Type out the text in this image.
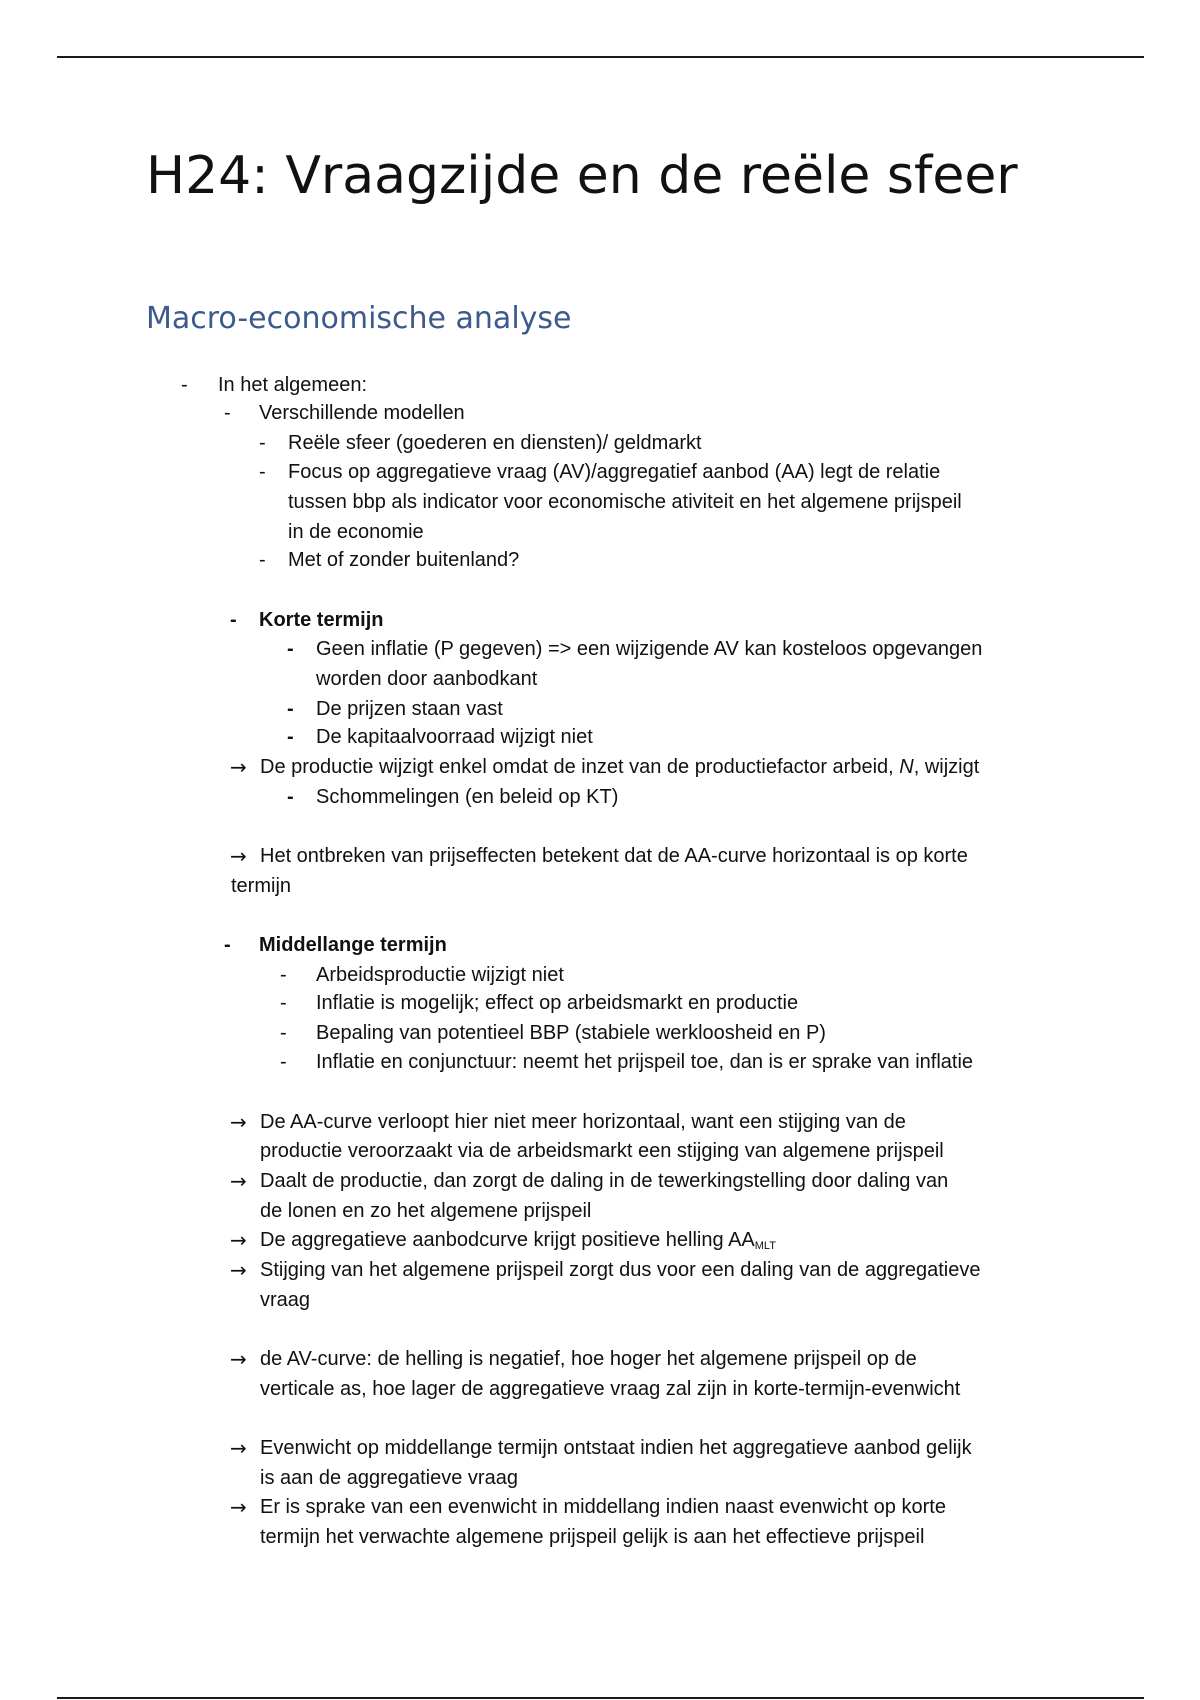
H24: Vraagzijde en de reële sfeer
Macro-economische analyse
- In het algemeen:
- Verschillende modellen
- Reële sfeer (goederen en diensten)/ geldmarkt
- Focus op aggregatieve vraag (AV)/aggregatief aanbod (AA) legt de relatie
tussen bbp als indicator voor economische ativiteit en het algemene prijspeil
in de economie
- Met of zonder buitenland?
- Korte termijn
- Geen inflatie (P gegeven) => een wijzigende AV kan kosteloos opgevangen
worden door aanbodkant
- De prijzen staan vast
- De kapitaalvoorraad wijzigt niet
→ De productie wijzigt enkel omdat de inzet van de productiefactor arbeid, N, wijzigt
- Schommelingen (en beleid op KT)
→ Het ontbreken van prijseffecten betekent dat de AA-curve horizontaal is op korte
termijn
- Middellange termijn
- Arbeidsproductie wijzigt niet
- Inflatie is mogelijk; effect op arbeidsmarkt en productie
- Bepaling van potentieel BBP (stabiele werkloosheid en P)
- Inflatie en conjunctuur: neemt het prijspeil toe, dan is er sprake van inflatie
→ De AA-curve verloopt hier niet meer horizontaal, want een stijging van de
productie veroorzaakt via de arbeidsmarkt een stijging van algemene prijspeil
→ Daalt de productie, dan zorgt de daling in de tewerkingstelling door daling van
de lonen en zo het algemene prijspeil
→ De aggregatieve aanbodcurve krijgt positieve helling $AA_{MLT}$
→ Stijging van het algemene prijspeil zorgt dus voor een daling van de aggregatieve
vraag
→ de AV-curve: de helling is negatief, hoe hoger het algemene prijspeil op de
verticale as, hoe lager de aggregatieve vraag zal zijn in korte-termijn-evenwicht
→ Evenwicht op middellange termijn ontstaat indien het aggregatieve aanbod gelijk
is aan de aggregatieve vraag
→ Er is sprake van een evenwicht in middellang indien naast evenwicht op korte
termijn het verwachte algemene prijspeil gelijk is aan het effectieve prijspeil
